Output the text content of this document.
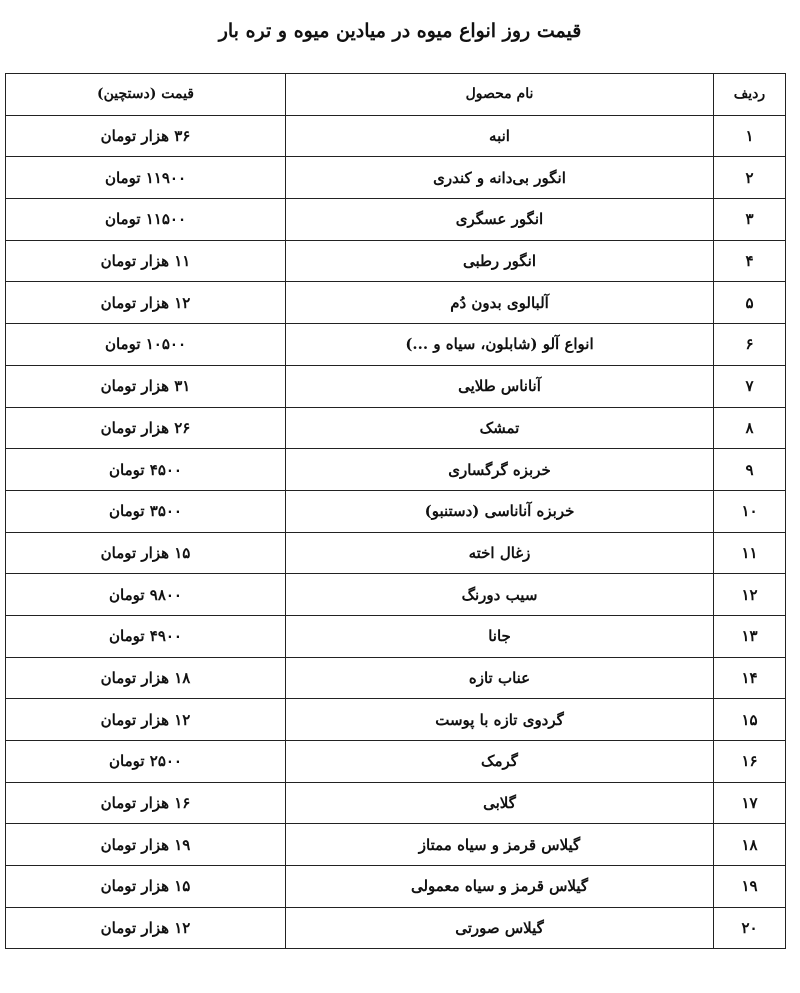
قیمت روز انواع میوه در میادین میوه و تره بار
ردیف	نام محصول	قیمت (دستچین)
۱	انبه	۳۶ هزار تومان
۲	انگور بی‌دانه و کندری	۱۱۹۰۰ تومان
۳	انگور عسگری	۱۱۵۰۰ تومان
۴	انگور رطبی	۱۱ هزار تومان
۵	آلبالوی بدون دُم	۱۲ هزار تومان
۶	انواع آلو (شابلون، سیاه و ...)	۱۰۵۰۰ تومان
۷	آناناس طلایی	۳۱ هزار تومان
۸	تمشک	۲۶ هزار تومان
۹	خربزه گرگساری	۴۵۰۰ تومان
۱۰	خربزه آناناسی (دستنبو)	۳۵۰۰ تومان
۱۱	زغال اخته	۱۵ هزار تومان
۱۲	سیب دورنگ	۹۸۰۰ تومان
۱۳	جانا	۴۹۰۰ تومان
۱۴	عناب تازه	۱۸ هزار تومان
۱۵	گردوی تازه با پوست	۱۲ هزار تومان
۱۶	گرمک	۲۵۰۰ تومان
۱۷	گلابی	۱۶ هزار تومان
۱۸	گیلاس قرمز و سیاه ممتاز	۱۹ هزار تومان
۱۹	گیلاس قرمز و سیاه معمولی	۱۵ هزار تومان
۲۰	گیلاس صورتی	۱۲ هزار تومان
